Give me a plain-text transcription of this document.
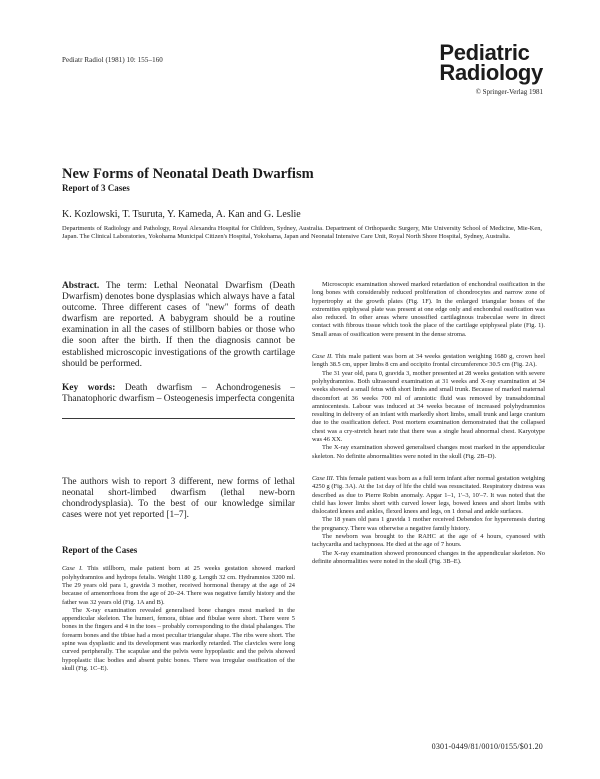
Pediatr Radiol (1981) 10: 155–160	Pediatric
Radiology
© Springer-Verlag 1981
New Forms of Neonatal Death Dwarfism
Report of 3 Cases
K. Kozlowski, T. Tsuruta, Y. Kameda, A. Kan and G. Leslie
Departments of Radiology and Pathology, Royal Alexandra Hospital for Children, Sydney, Australia. Department of Orthopaedic Surgery, Mie University School of Medicine, Mie-Ken, Japan. The Clinical Laboratories, Yokohama Municipal Citizen's Hospital, Yokohama, Japan and Neonatal Intensive Care Unit, Royal North Shore Hospital, Sydney, Australia.

Abstract. The term: Lethal Neonatal Dwarfism (Death Dwarfism) denotes bone dysplasias which always have a fatal outcome. Three different cases of "new" forms of death dwarfism are reported. A babygram should be a routine examination in all the cases of stillborn babies or those who die soon after the birth. If then the diagnosis cannot be established microscopic investigations of the growth cartilage should be performed.

Key words: Death dwarfism – Achondrogenesis – Thanatophoric dwarfism – Osteogenesis imperfecta congenita

The authors wish to report 3 different, new forms of lethal neonatal short-limbed dwarfism (lethal new-born chondrodysplasia). To the best of our knowledge similar cases were not yet reported [1–7].

Report of the Cases

Case I. This stillborn, male patient born at 25 weeks gestation showed marked polyhydramnios and hydrops fetalis. Weight 1180 g. Length 32 cm. Hydramnios 3200 ml. The 29 years old para 1, gravida 3 mother, received hormonal therapy at the age of 24 because of amenorrhoea from the age of 20–24. There was negative family history and the father was 32 years old (Fig. 1A and B).

The X-ray examination revealed generalised bone changes most marked in the appendicular skeleton. The humeri, femora, tibiae and fibulae were short. There were 5 bones in the fingers and 4 in the toes – probably corresponding to the distal phalanges. The forearm bones and the tibiae had a most peculiar triangular shape. The ribs were short. The spine was dysplastic and its development was markedly retarded. The clavicles were long curved peripherally. The scapulae and the pelvis were hypoplastic and the pelvis showed hypoplastic iliac bodies and absent pubic bones. There was irregular ossification of the skull (Fig. 1C–E).

Microscopic examination showed marked retardation of enchondral ossification in the long bones with considerably reduced proliferation of chondrocytes and narrow zone of hypertrophy at the growth plates (Fig. 1F). In the enlarged triangular bones of the extremities epiphyseal plate was present at one edge only and enchondral ossification was also reduced. In other areas where unossified cartilaginous trabeculae were in direct contact with fibrous tissue which took the place of the cartilage epiphyseal plate (Fig. 1). Small areas of ossification were present in the dense stroma.

Case II. This male patient was born at 34 weeks gestation weighing 1680 g, crown heel length 38.5 cm, upper limbs 8 cm and occipito frontal circumference 30.5 cm (Fig. 2A).

The 31 year old, para 0, gravida 3, mother presented at 28 weeks gestation with severe polyhydramnios. Both ultrasound examination at 31 weeks and X-ray examination at 34 weeks showed a small fetus with short limbs and small trunk. Because of marked maternal discomfort at 36 weeks 700 ml of amniotic fluid was removed by transabdominal amniocentesis. Labour was induced at 34 weeks because of increased polyhydramnios resulting in delivery of an infant with markedly short limbs, small trunk and large cranium due to the ossification defect. Post mortem examination demonstrated that the collapsed chest was a cry-stretch heart rate that there was a single head abnormal chest. Karyotype was 46 XX.

The X-ray examination showed generalised changes most marked in the appendicular skeleton. No definite abnormalities were noted in the skull (Fig. 2B–D).

Case III. This female patient was born as a full term infant after normal gestation weighing 4250 g (Fig. 3A). At the 1st day of life the child was resuscitated. Respiratory distress was described as due to Pierre Robin anomaly. Apgar 1–1, 1'–3, 10'–7. It was noted that the child has lower limbs short with curved lower legs, bowed knees and short limbs with dislocated knees and ankles, flexed knees and legs, on 1 dorsal and ankle surfaces.

The 18 years old para 1 gravida 1 mother received Debendox for hyperemesis during the pregnancy. There was otherwise a negative family history.

The newborn was brought to the RAHC at the age of 4 hours, cyanosed with tachycardia and tachypnoea. He died at the age of 7 hours.

The X-ray examination showed pronounced changes in the appendicular skeleton. No definite abnormalities were noted in the skull (Fig. 3B–E).

0301-0449/81/0010/0155/$01.20
